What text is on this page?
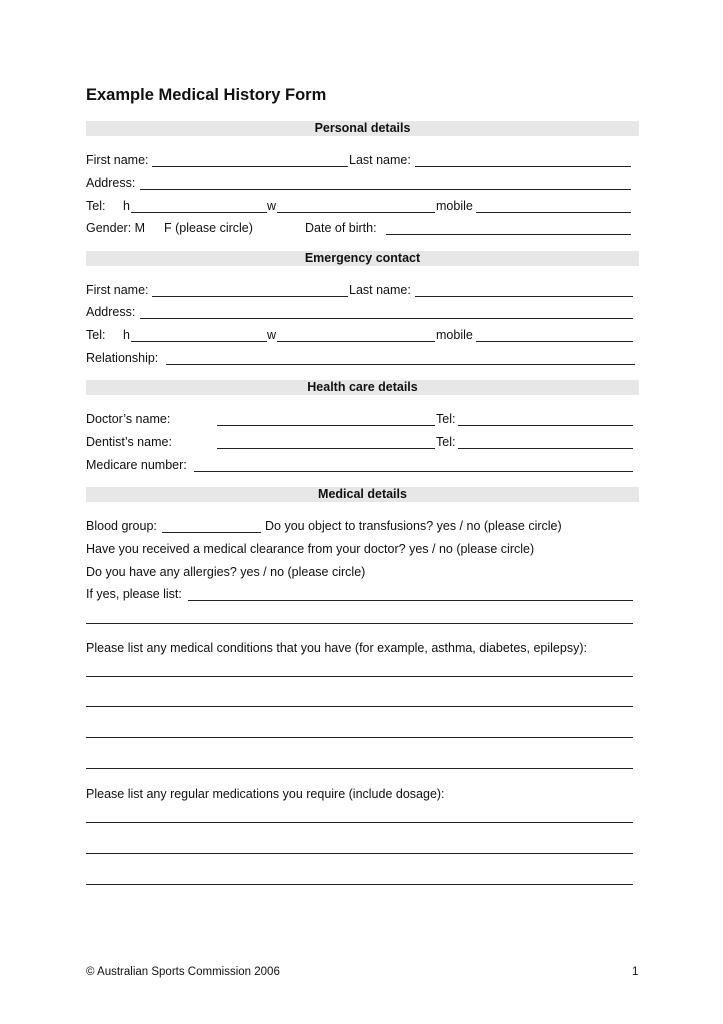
Example Medical History Form
Personal details
First name:	Last name:
Address:
Tel: h	w	mobile
Gender: M F (please circle)	Date of birth:
Emergency contact
First name:	Last name:
Address:
Tel: h	w	mobile
Relationship:
Health care details
Doctor’s name:	Tel:
Dentist’s name:	Tel:
Medicare number:
Medical details
Blood group:	Do you object to transfusions? yes / no (please circle)
Have you received a medical clearance from your doctor? yes / no (please circle)
Do you have any allergies? yes / no (please circle)
If yes, please list:
Please list any medical conditions that you have (for example, asthma, diabetes, epilepsy):
Please list any regular medications you require (include dosage):
© Australian Sports Commission 2006	1
